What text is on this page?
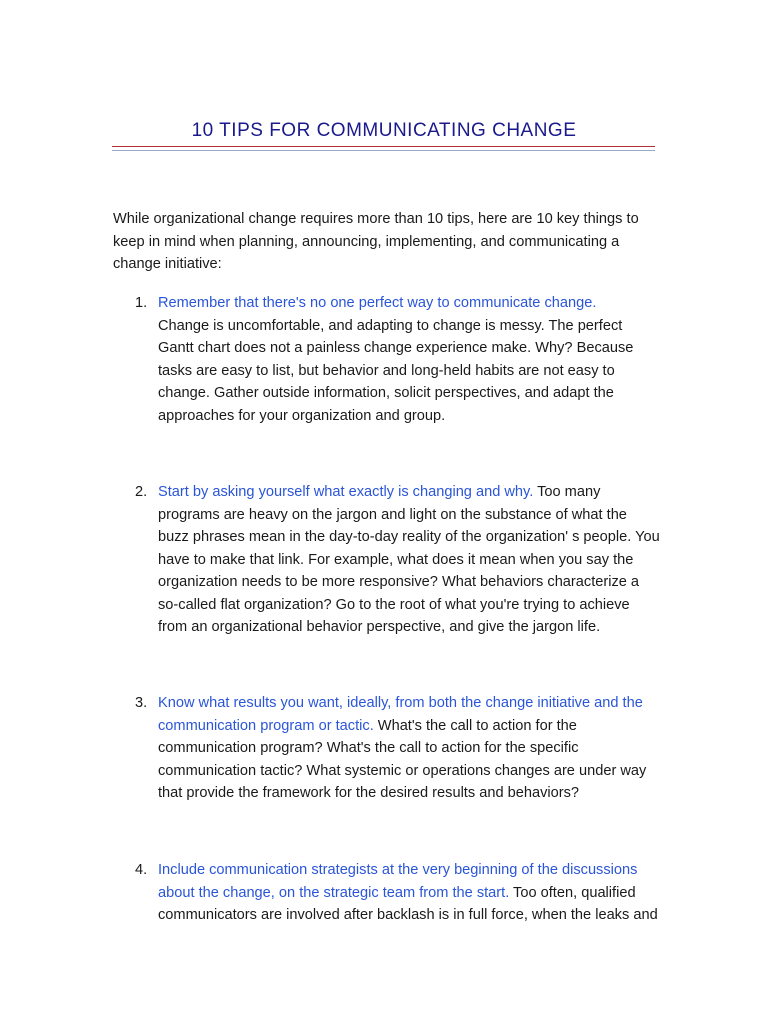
10 TIPS FOR COMMUNICATING CHANGE

While organizational change requires more than 10 tips, here are 10 key things to keep in mind when planning, announcing, implementing, and communicating a change initiative:

1. Remember that there's no one perfect way to communicate change.
Change is uncomfortable, and adapting to change is messy. The perfect Gantt chart does not a painless change experience make. Why? Because tasks are easy to list, but behavior and long-held habits are not easy to change. Gather outside information, solicit perspectives, and adapt the approaches for your organization and group.
2. Start by asking yourself what exactly is changing and why. Too many programs are heavy on the jargon and light on the substance of what the buzz phrases mean in the day-to-day reality of the organization' s people. You have to make that link. For example, what does it mean when you say the organization needs to be more responsive? What behaviors characterize a so-called flat organization? Go to the root of what you're trying to achieve from an organizational behavior perspective, and give the jargon life.
3. Know what results you want, ideally, from both the change initiative and the communication program or tactic. What's the call to action for the communication program? What's the call to action for the specific communication tactic? What systemic or operations changes are under way that provide the framework for the desired results and behaviors?
4. Include communication strategists at the very beginning of the discussions about the change, on the strategic team from the start. Too often, qualified communicators are involved after backlash is in full force, when the leaks and
